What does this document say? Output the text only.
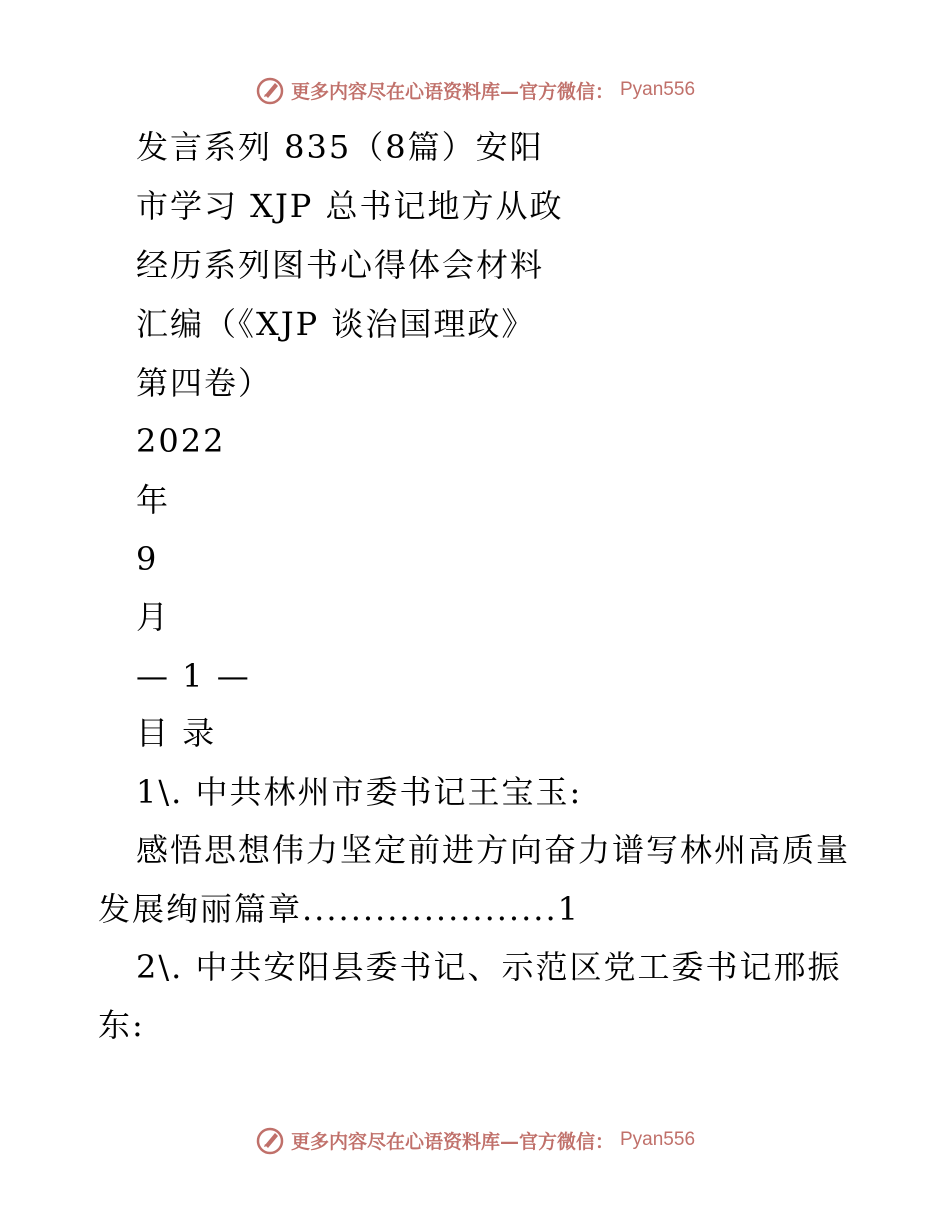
更多内容尽在心语资料库—官方微信： Pyan556
发言系列 835（8篇）安阳
市学习 XJP 总书记地方从政
经历系列图书心得体会材料
汇编（《XJP 谈治国理政》
第四卷）
2022
年
9
月
— 1 —
目 录
1\. 中共林州市委书记王宝玉:
感悟思想伟力坚定前进方向奋力谱写林州高质量
发展绚丽篇章.....................1
2\. 中共安阳县委书记、示范区党工委书记邢振
东:
更多内容尽在心语资料库—官方微信： Pyan556
